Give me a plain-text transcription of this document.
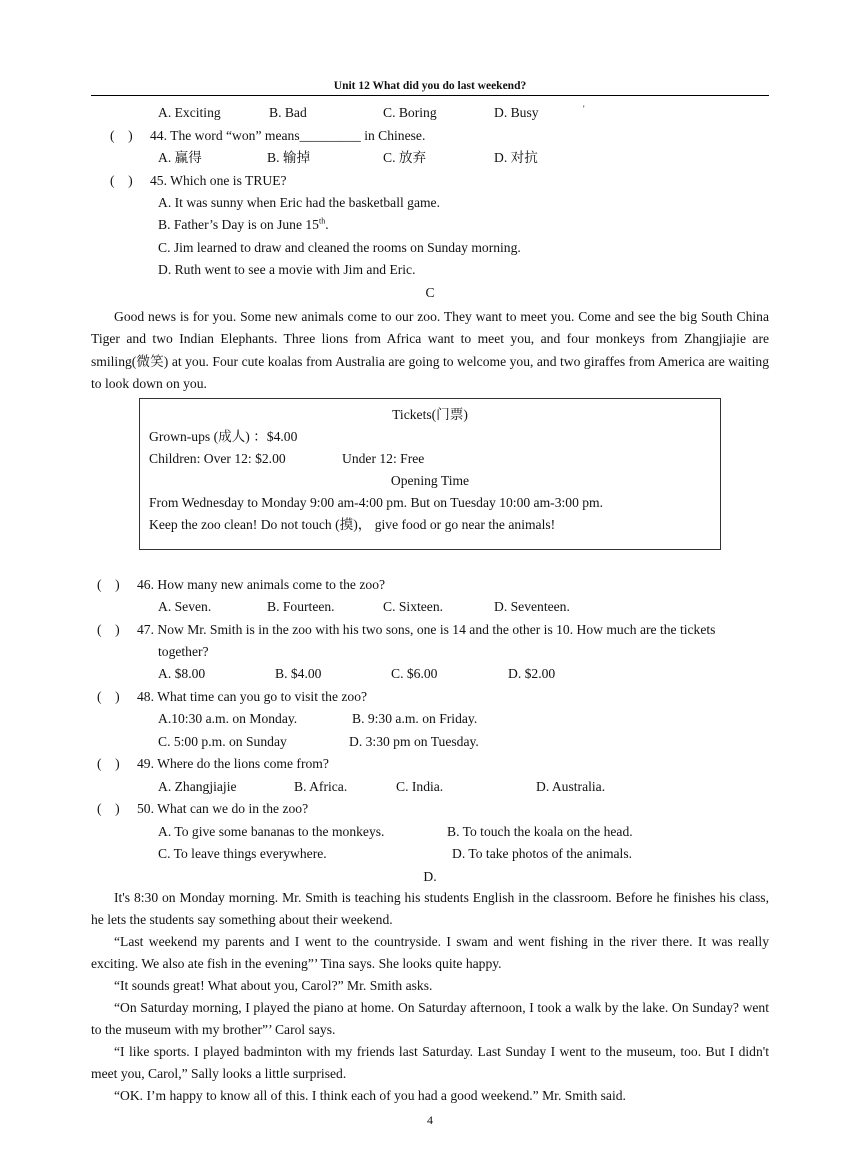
Unit 12 What did you do last weekend?
A. Exciting	B. Bad	C. Boring	D. Busy	'
(　) 44. The word “won” means_________ in Chinese.
A. 赢得	B. 输掉	C. 放弃	D. 对抗
(　) 45. Which one is TRUE?
A. It was sunny when Eric had the basketball game.
B. Father’s Day is on June 15th.
C. Jim learned to draw and cleaned the rooms on Sunday morning.
D. Ruth went to see a movie with Jim and Eric.
C
Good news is for you. Some new animals come to our zoo. They want to meet you. Come and see the big South China Tiger and two Indian Elephants. Three lions from Africa want to meet you, and four monkeys from Zhangjiajie are smiling(微笑) at you. Four cute koalas from Australia are going to welcome you, and two giraffes from America are waiting to look down on you.
Tickets(门票)
Grown-ups (成人) ：$4.00
Children: Over 12: $2.00	Under 12: Free
Opening Time
From Wednesday to Monday 9:00 am-4:00 pm. But on Tuesday 10:00 am-3:00 pm.
Keep the zoo clean! Do not touch (摸)， give food or go near the animals!
(　) 46. How many new animals come to the zoo?
A. Seven.	B. Fourteen.	C. Sixteen.	D. Seventeen.
(　) 47. Now Mr. Smith is in the zoo with his two sons, one is 14 and the other is 10. How much are the tickets
together?
A. $8.00	B. $4.00	C. $6.00	D. $2.00
(　) 48. What time can you go to visit the zoo?
A.10:30 a.m. on Monday.	B. 9:30 a.m. on Friday.
C. 5:00 p.m. on Sunday	D. 3:30 pm on Tuesday.
(　) 49. Where do the lions come from?
A. Zhangjiajie	B. Africa.	C. India.	D. Australia.
(　) 50. What can we do in the zoo?
A. To give some bananas to the monkeys.	B. To touch the koala on the head.
C. To leave things everywhere.	D. To take photos of the animals.
D.
It's 8:30 on Monday morning. Mr. Smith is teaching his students English in the classroom. Before he finishes his class, he lets the students say something about their weekend.
“Last weekend my parents and I went to the countryside. I swam and went fishing in the river there. It was really exciting. We also ate fish in the evening”’ Tina says. She looks quite happy.
“It sounds great! What about you, Carol?” Mr. Smith asks.
“On Saturday morning, I played the piano at home. On Saturday afternoon, I took a walk by the lake. On Sunday? went to the museum with my brother”’ Carol says.
“I like sports. I played badminton with my friends last Saturday. Last Sunday I went to the museum, too. But I didn't meet you, Carol,” Sally looks a little surprised.
“OK. I’m happy to know all of this. I think each of you had a good weekend.” Mr. Smith said.
4
